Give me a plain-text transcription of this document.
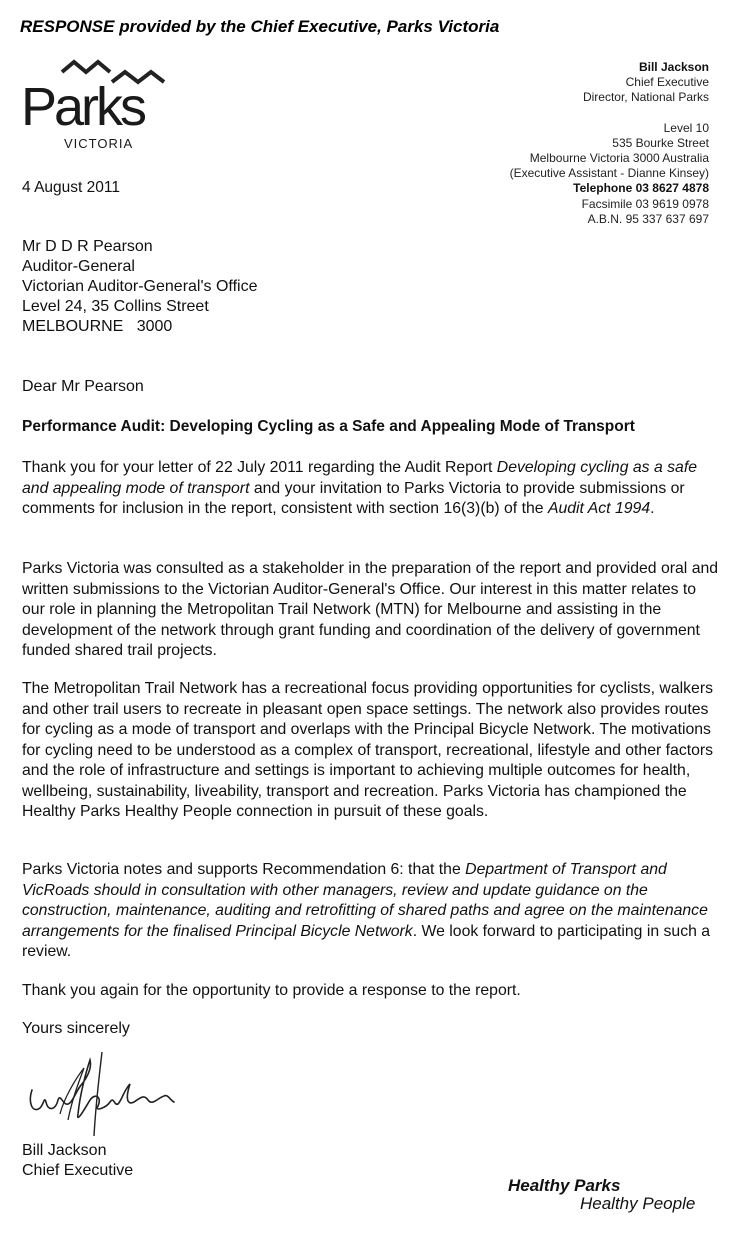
RESPONSE provided by the Chief Executive, Parks Victoria
Parks
VICTORIA
4 August 2011
Bill Jackson
Chief Executive
Director, National Parks
Level 10
535 Bourke Street
Melbourne Victoria 3000 Australia
(Executive Assistant - Dianne Kinsey)
Telephone 03 8627 4878
Facsimile 03 9619 0978
A.B.N. 95 337 637 697
Mr D D R Pearson
Auditor-General
Victorian Auditor-General's Office
Level 24, 35 Collins Street
MELBOURNE   3000
Dear Mr Pearson
Performance Audit: Developing Cycling as a Safe and Appealing Mode of Transport
Thank you for your letter of 22 July 2011 regarding the Audit Report Developing cycling as a safe and appealing mode of transport and your invitation to Parks Victoria to provide submissions or comments for inclusion in the report, consistent with section 16(3)(b) of the Audit Act 1994.
Parks Victoria was consulted as a stakeholder in the preparation of the report and provided oral and written submissions to the Victorian Auditor-General's Office. Our interest in this matter relates to our role in planning the Metropolitan Trail Network (MTN) for Melbourne and assisting in the development of the network through grant funding and coordination of the delivery of government funded shared trail projects.
The Metropolitan Trail Network has a recreational focus providing opportunities for cyclists, walkers and other trail users to recreate in pleasant open space settings. The network also provides routes for cycling as a mode of transport and overlaps with the Principal Bicycle Network. The motivations for cycling need to be understood as a complex of transport, recreational, lifestyle and other factors and the role of infrastructure and settings is important to achieving multiple outcomes for health, wellbeing, sustainability, liveability, transport and recreation. Parks Victoria has championed the Healthy Parks Healthy People connection in pursuit of these goals.
Parks Victoria notes and supports Recommendation 6: that the Department of Transport and VicRoads should in consultation with other managers, review and update guidance on the construction, maintenance, auditing and retrofitting of shared paths and agree on the maintenance arrangements for the finalised Principal Bicycle Network. We look forward to participating in such a review.
Thank you again for the opportunity to provide a response to the report.
Yours sincerely
Bill Jackson
Chief Executive
Healthy Parks
Healthy People
